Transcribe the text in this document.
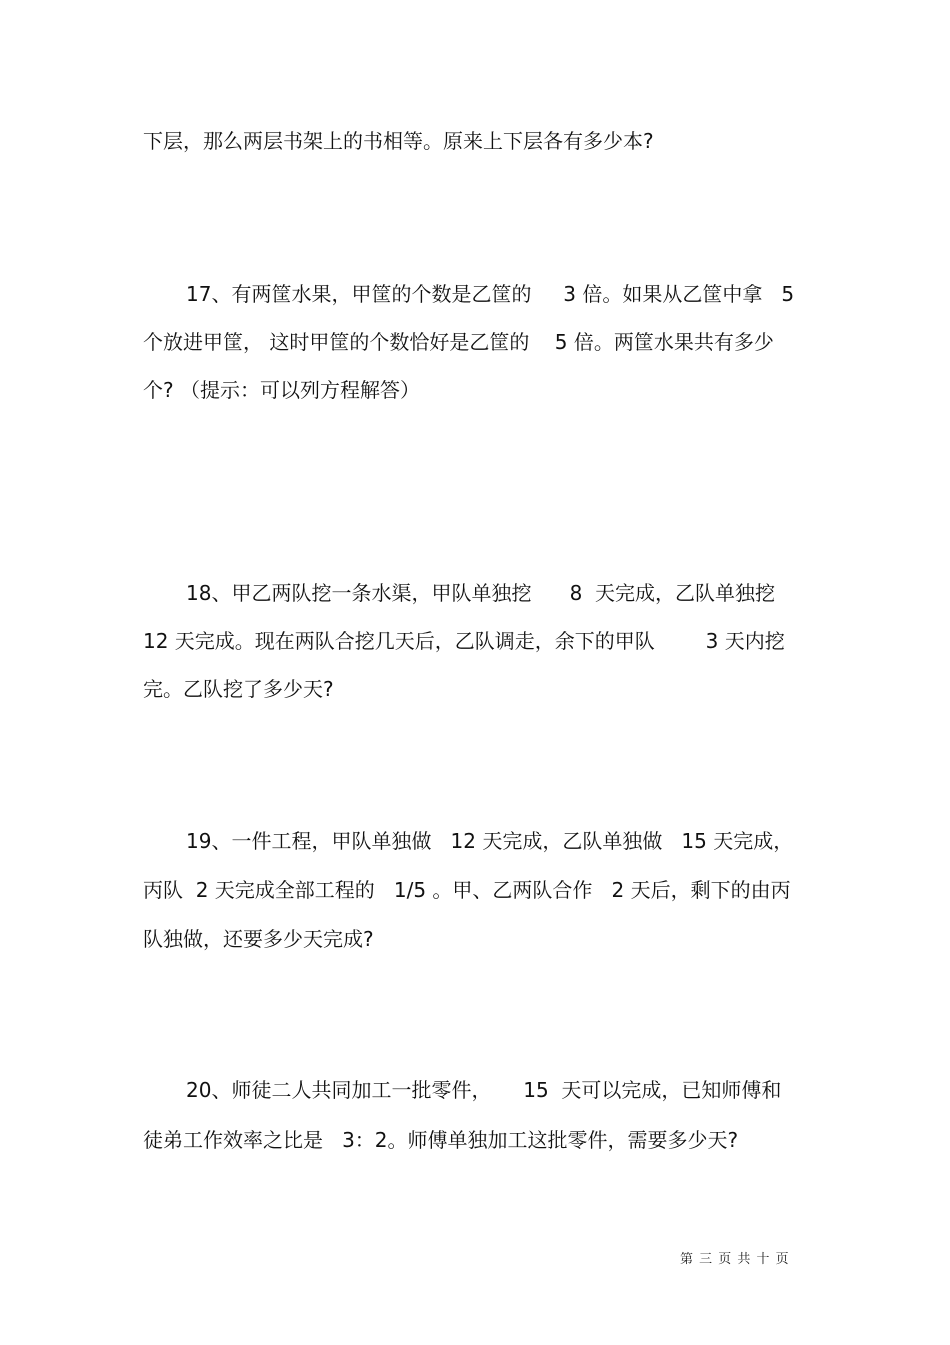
下层，那么两层书架上的书相等。原来上下层各有多少本?
17、有两筐水果，甲筐的个数是乙筐的     3 倍。如果从乙筐中拿   5
个放进甲筐， 这时甲筐的个数恰好是乙筐的    5 倍。两筐水果共有多少
个? （提示：可以列方程解答）
18、甲乙两队挖一条水渠，甲队单独挖      8  天完成，乙队单独挖
12 天完成。现在两队合挖几天后，乙队调走，余下的甲队        3 天内挖
完。乙队挖了多少天?
19、一件工程，甲队单独做   12 天完成，乙队单独做   15 天完成，
丙队  2 天完成全部工程的   1/5 。甲、乙两队合作   2 天后，剩下的由丙
队独做，还要多少天完成?
20、师徒二人共同加工一批零件，     15  天可以完成，已知师傅和
徒弟工作效率之比是   3：2。师傅单独加工这批零件，需要多少天?
第 三 页 共 十 页
